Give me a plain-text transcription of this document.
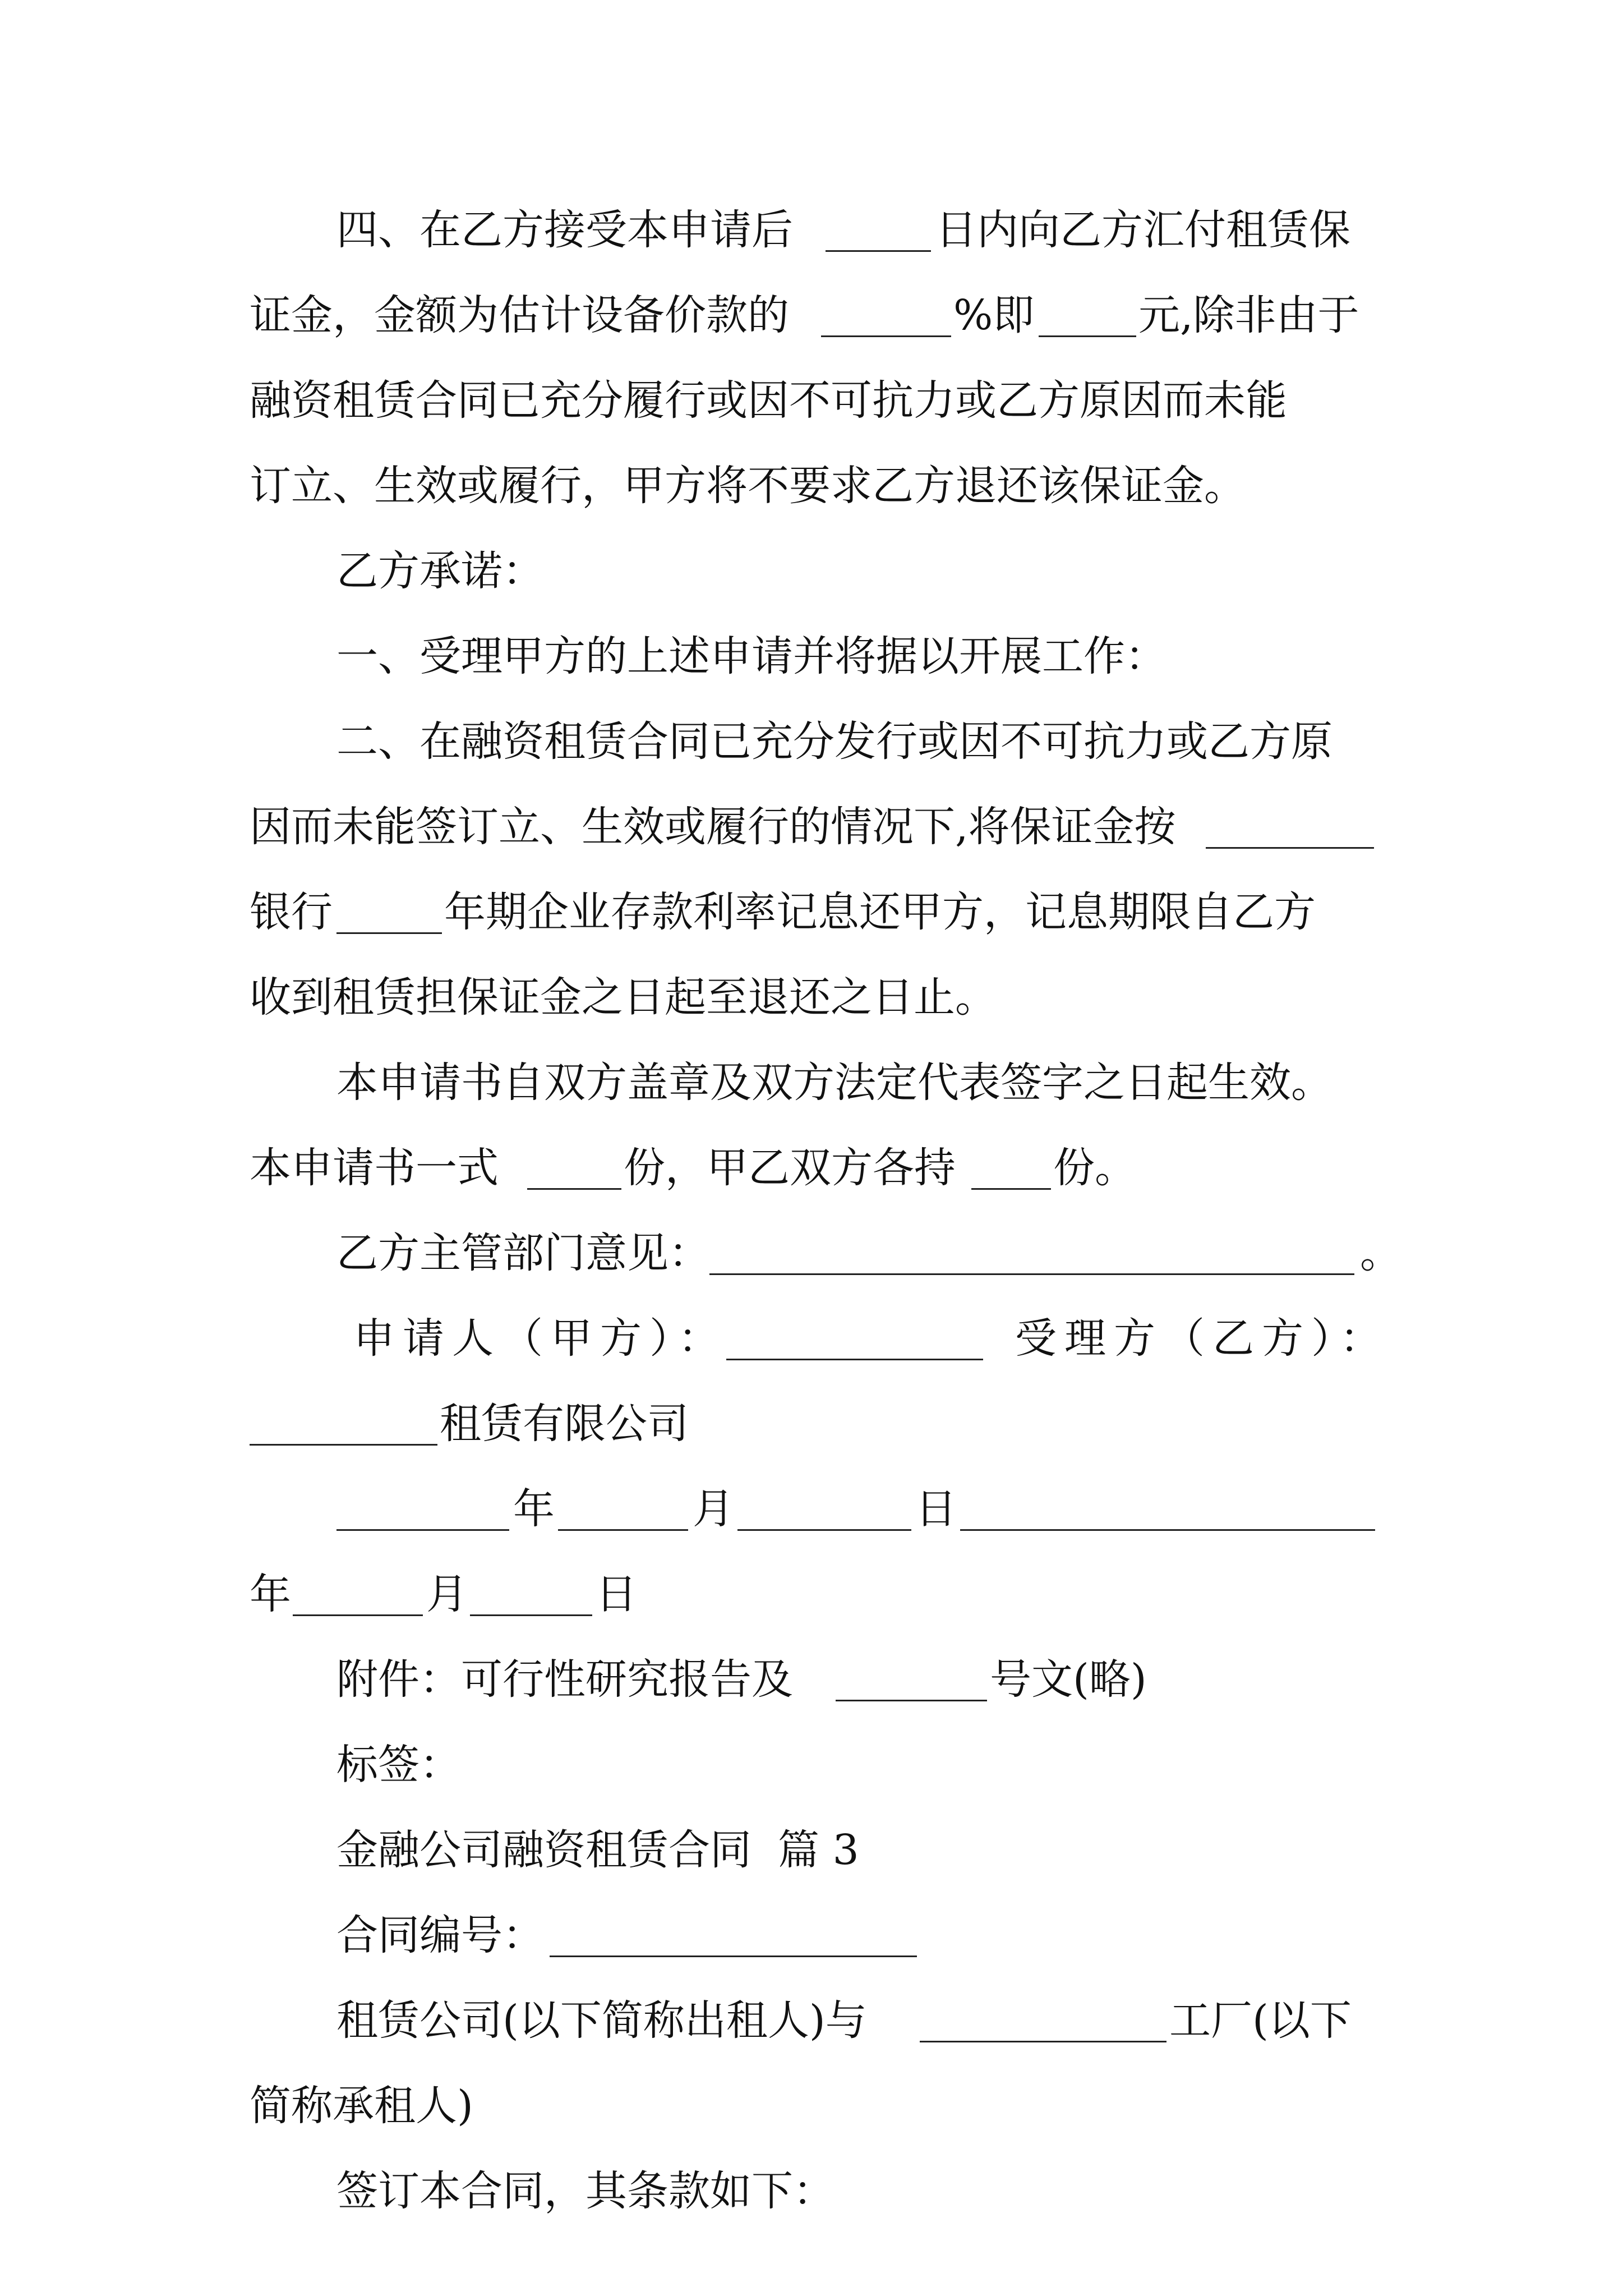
四、在乙方接受本申请后	日内向乙方汇付租赁保
证金，金额为估计设备价款的	%即	元,除非由于
融资租赁合同已充分履行或因不可抗力或乙方原因而未能
订立、生效或履行，甲方将不要求乙方退还该保证金。
乙方承诺：
一、受理甲方的上述申请并将据以开展工作：
二、在融资租赁合同已充分发行或因不可抗力或乙方原
因而未能签订立、生效或履行的情况下,将保证金按
银行	年期企业存款利率记息还甲方，记息期限自乙方
收到租赁担保证金之日起至退还之日止。
本申请书自双方盖章及双方法定代表签字之日起生效。
本申请书一式	份，甲乙双方各持 份。
乙方主管部门意见：	。
申请人（甲方）：	受理方（乙方）：
租赁有限公司
年	月	日
年	月	日
附件：可行性研究报告及	号文(略)
标签：
金融公司融资租赁合同  篇 3
合同编号：
租赁公司(以下简称出租人)与	工厂(以下
简称承租人)
签订本合同，其条款如下：
